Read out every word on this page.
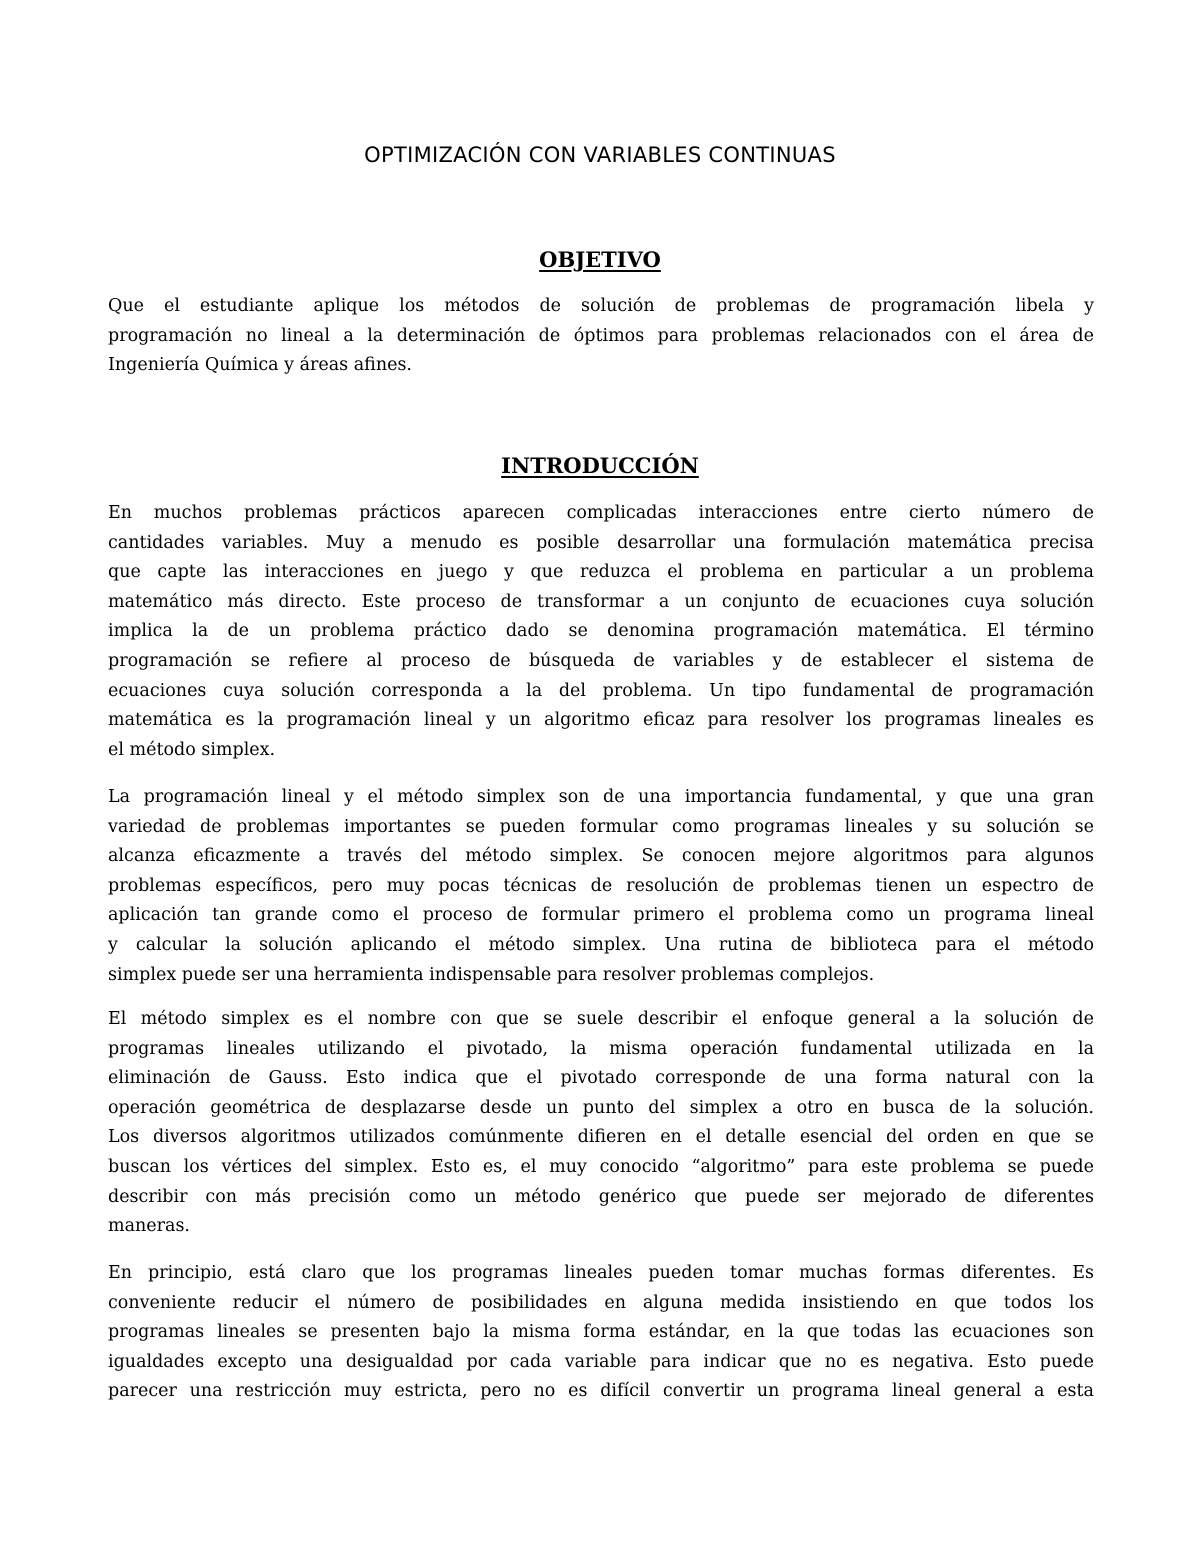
OPTIMIZACIÓN CON VARIABLES CONTINUAS
OBJETIVO
Que el estudiante aplique los métodos de solución de problemas de programación libela y
programación no lineal a la determinación de óptimos para problemas relacionados con el área de
Ingeniería Química y áreas afines.
INTRODUCCIÓN
En muchos problemas prácticos aparecen complicadas interacciones entre cierto número de
cantidades variables. Muy a menudo es posible desarrollar una formulación matemática precisa
que capte las interacciones en juego y que reduzca el problema en particular a un problema
matemático más directo. Este proceso de transformar a un conjunto de ecuaciones cuya solución
implica la de un problema práctico dado se denomina programación matemática. El término
programación se refiere al proceso de búsqueda de variables y de establecer el sistema de
ecuaciones cuya solución corresponda a la del problema. Un tipo fundamental de programación
matemática es la programación lineal y un algoritmo eficaz para resolver los programas lineales es
el método simplex.
La programación lineal y el método simplex son de una importancia fundamental, y que una gran
variedad de problemas importantes se pueden formular como programas lineales y su solución se
alcanza eficazmente a través del método simplex. Se conocen mejore algoritmos para algunos
problemas específicos, pero muy pocas técnicas de resolución de problemas tienen un espectro de
aplicación tan grande como el proceso de formular primero el problema como un programa lineal
y calcular la solución aplicando el método simplex. Una rutina de biblioteca para el método
simplex puede ser una herramienta indispensable para resolver problemas complejos.
El método simplex es el nombre con que se suele describir el enfoque general a la solución de
programas lineales utilizando el pivotado, la misma operación fundamental utilizada en la
eliminación de Gauss. Esto indica que el pivotado corresponde de una forma natural con la
operación geométrica de desplazarse desde un punto del simplex a otro en busca de la solución.
Los diversos algoritmos utilizados comúnmente difieren en el detalle esencial del orden en que se
buscan los vértices del simplex. Esto es, el muy conocido “algoritmo” para este problema se puede
describir con más precisión como un método genérico que puede ser mejorado de diferentes
maneras.
En principio, está claro que los programas lineales pueden tomar muchas formas diferentes. Es
conveniente reducir el número de posibilidades en alguna medida insistiendo en que todos los
programas lineales se presenten bajo la misma forma estándar, en la que todas las ecuaciones son
igualdades excepto una desigualdad por cada variable para indicar que no es negativa. Esto puede
parecer una restricción muy estricta, pero no es difícil convertir un programa lineal general a esta
